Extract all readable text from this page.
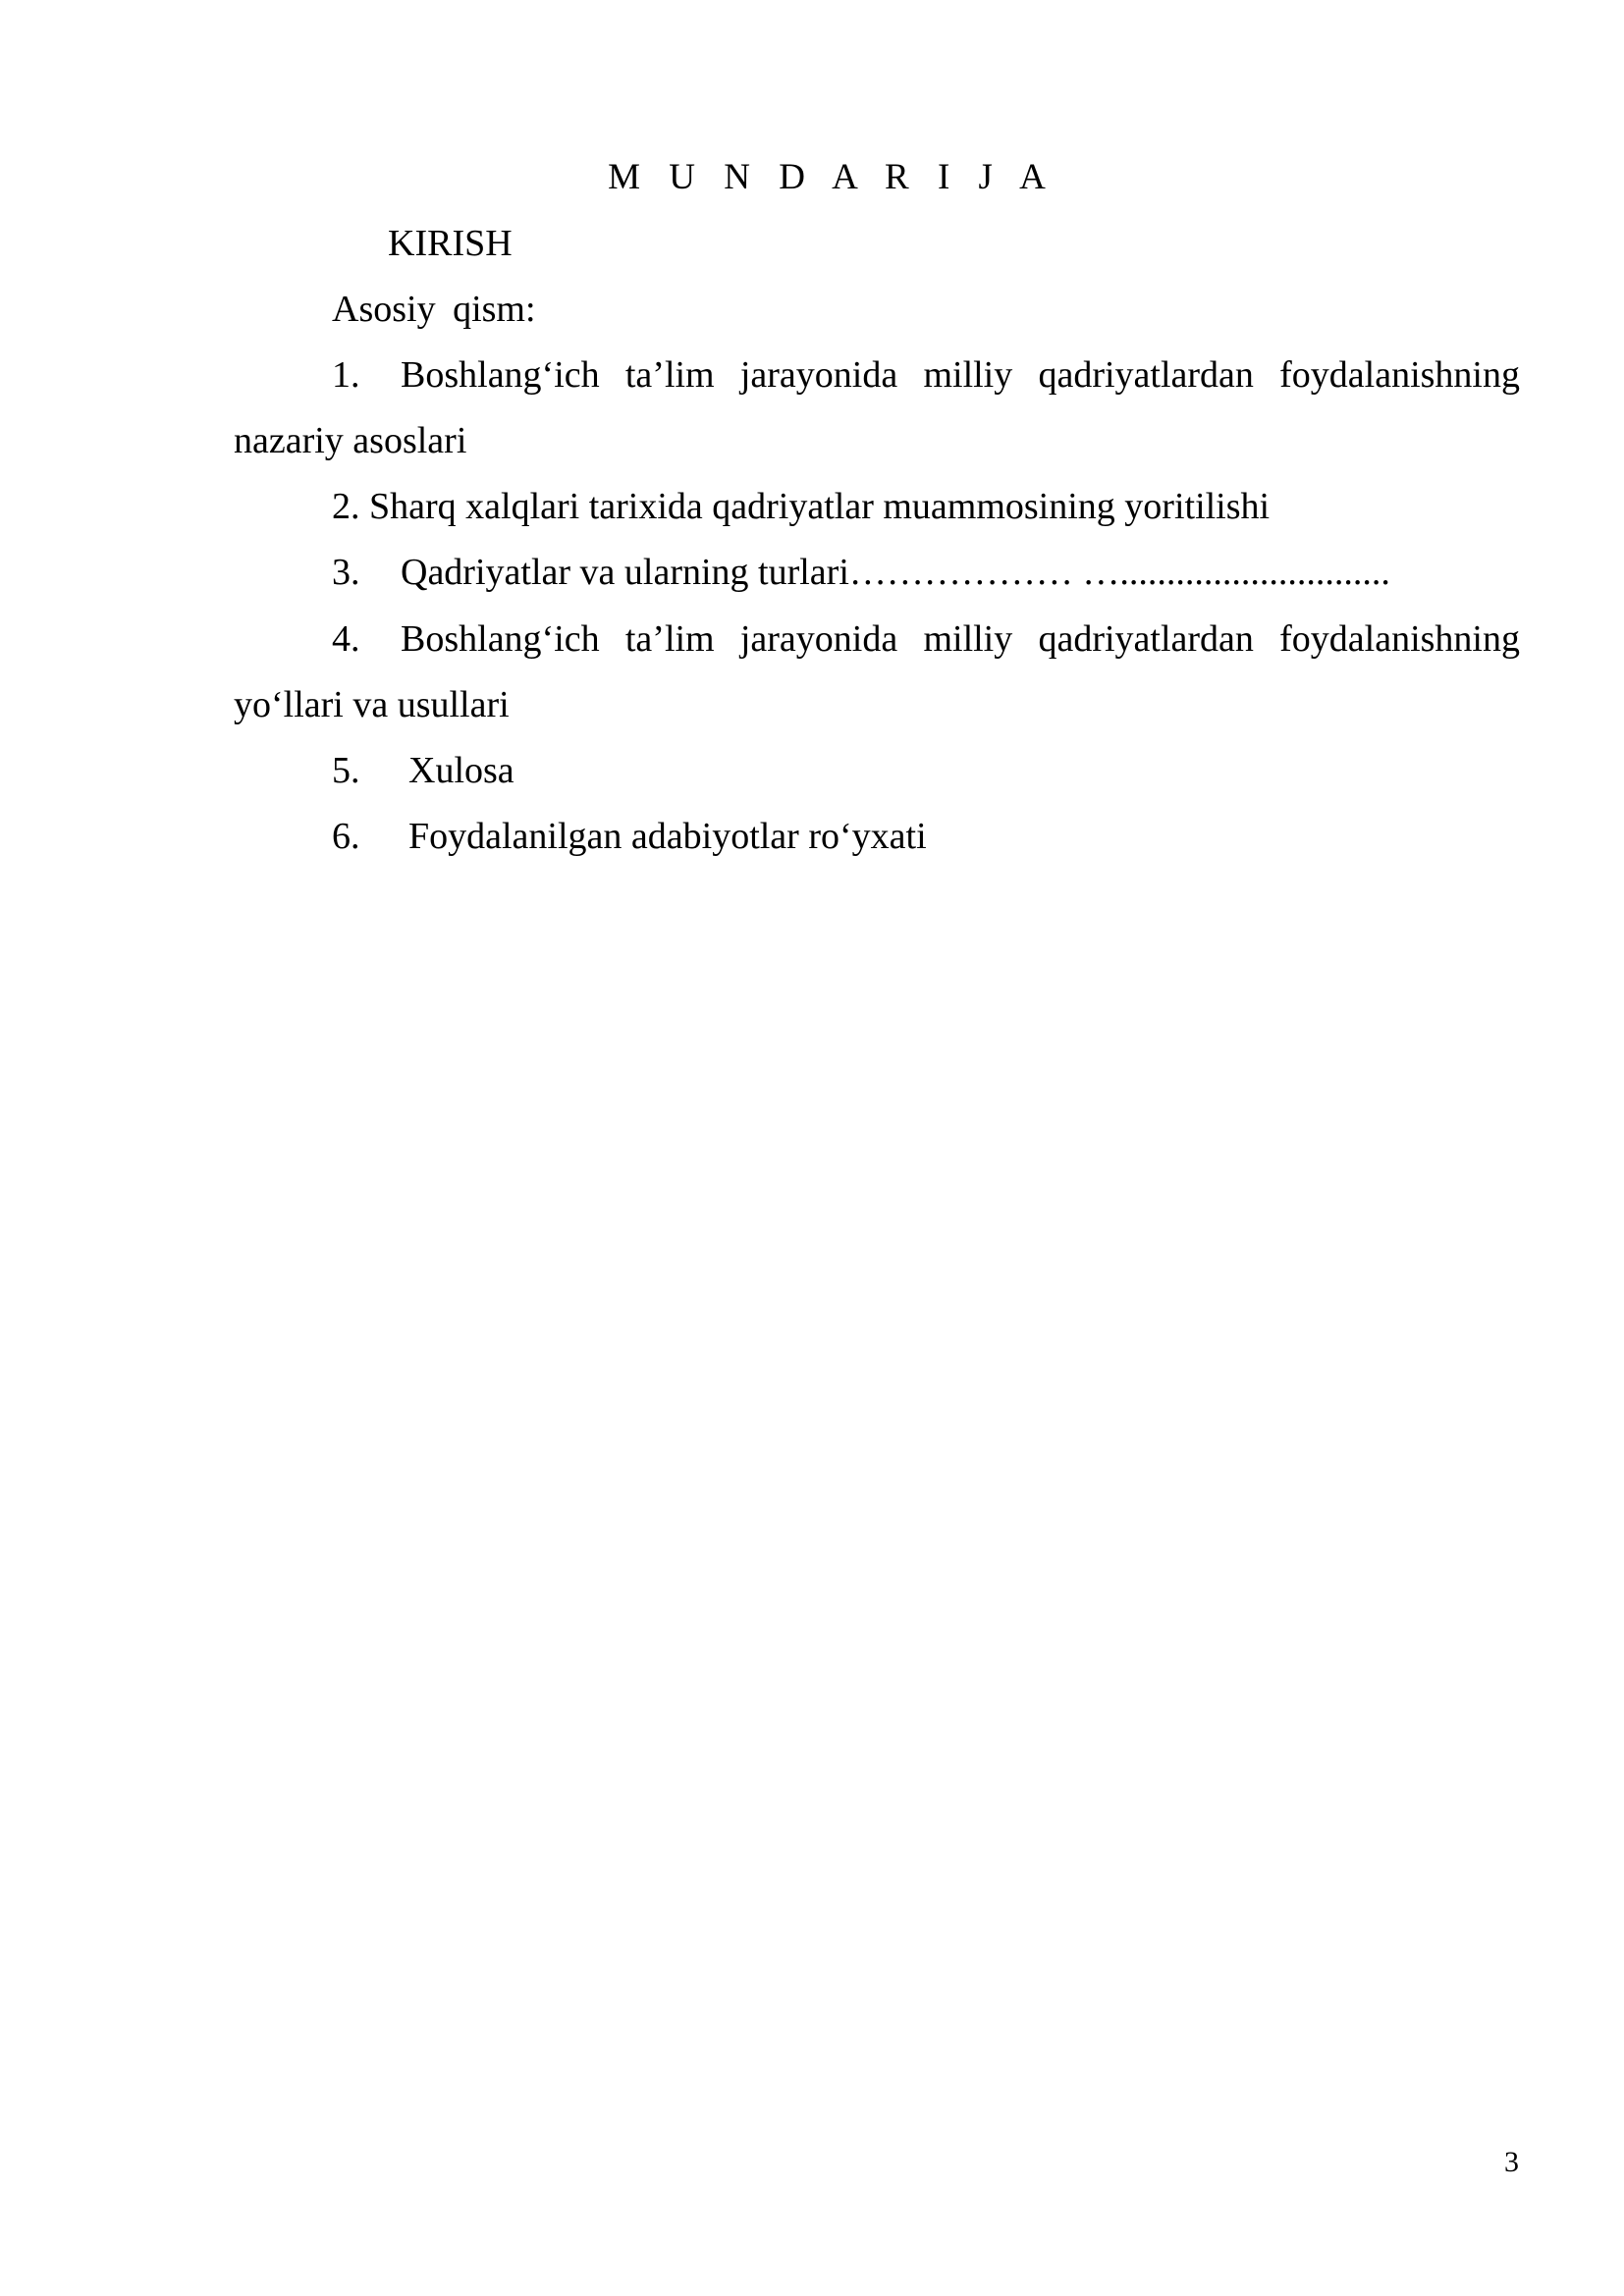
M U N D A R I J A
KIRISH
Asosiy qism:
1. Boshlang‘ich ta’lim jarayonida milliy qadriyatlardan foydalanishning
nazariy asoslari
2. Sharq xalqlari tarixida qadriyatlar muammosining yoritilishi
3. Qadriyatlar va ularning turlari……………… ….............................
4. Boshlang‘ich ta’lim jarayonida milliy qadriyatlardan foydalanishning
yo‘llari va usullari
5. Xulosa
6. Foydalanilgan adabiyotlar ro‘yxati
3
